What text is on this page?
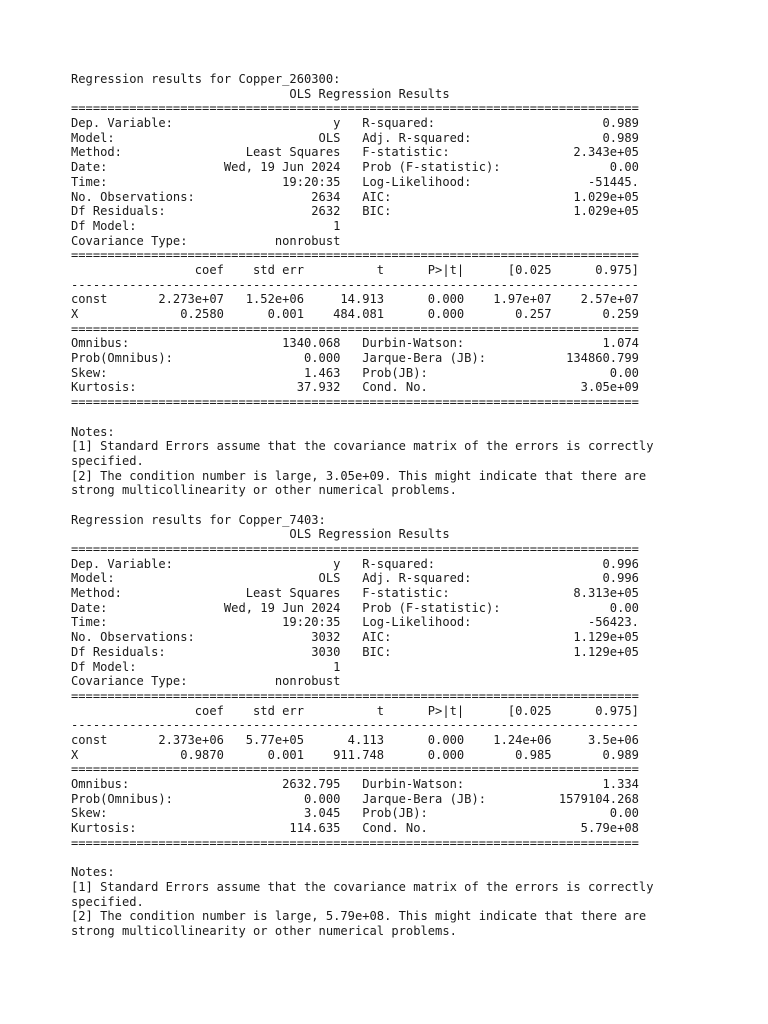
Regression results for Copper_260300:
OLS Regression Results
==============================================================================
Dep. Variable:                      y   R-squared:                       0.989
Model:                            OLS   Adj. R-squared:                  0.989
Method:                 Least Squares   F-statistic:                 2.343e+05
Date:                Wed, 19 Jun 2024   Prob (F-statistic):               0.00
Time:                        19:20:35   Log-Likelihood:                -51445.
No. Observations:                2634   AIC:                         1.029e+05
Df Residuals:                    2632   BIC:                         1.029e+05
Df Model:                           1
Covariance Type:            nonrobust
==============================================================================
coef    std err          t      P>|t|      [0.025      0.975]
------------------------------------------------------------------------------
const       2.273e+07   1.52e+06     14.913      0.000    1.97e+07    2.57e+07
X              0.2580      0.001    484.081      0.000       0.257       0.259
==============================================================================
Omnibus:                     1340.068   Durbin-Watson:                   1.074
Prob(Omnibus):                  0.000   Jarque-Bera (JB):           134860.799
Skew:                           1.463   Prob(JB):                         0.00
Kurtosis:                      37.932   Cond. No.                     3.05e+09
==============================================================================
Notes:
[1] Standard Errors assume that the covariance matrix of the errors is correctly
specified.
[2] The condition number is large, 3.05e+09. This might indicate that there are
strong multicollinearity or other numerical problems.
Regression results for Copper_7403:
OLS Regression Results
==============================================================================
Dep. Variable:                      y   R-squared:                       0.996
Model:                            OLS   Adj. R-squared:                  0.996
Method:                 Least Squares   F-statistic:                 8.313e+05
Date:                Wed, 19 Jun 2024   Prob (F-statistic):               0.00
Time:                        19:20:35   Log-Likelihood:                -56423.
No. Observations:                3032   AIC:                         1.129e+05
Df Residuals:                    3030   BIC:                         1.129e+05
Df Model:                           1
Covariance Type:            nonrobust
==============================================================================
coef    std err          t      P>|t|      [0.025      0.975]
------------------------------------------------------------------------------
const       2.373e+06   5.77e+05      4.113      0.000    1.24e+06     3.5e+06
X              0.9870      0.001    911.748      0.000       0.985       0.989
==============================================================================
Omnibus:                     2632.795   Durbin-Watson:                   1.334
Prob(Omnibus):                  0.000   Jarque-Bera (JB):          1579104.268
Skew:                           3.045   Prob(JB):                         0.00
Kurtosis:                     114.635   Cond. No.                     5.79e+08
==============================================================================
Notes:
[1] Standard Errors assume that the covariance matrix of the errors is correctly
specified.
[2] The condition number is large, 5.79e+08. This might indicate that there are
strong multicollinearity or other numerical problems.
